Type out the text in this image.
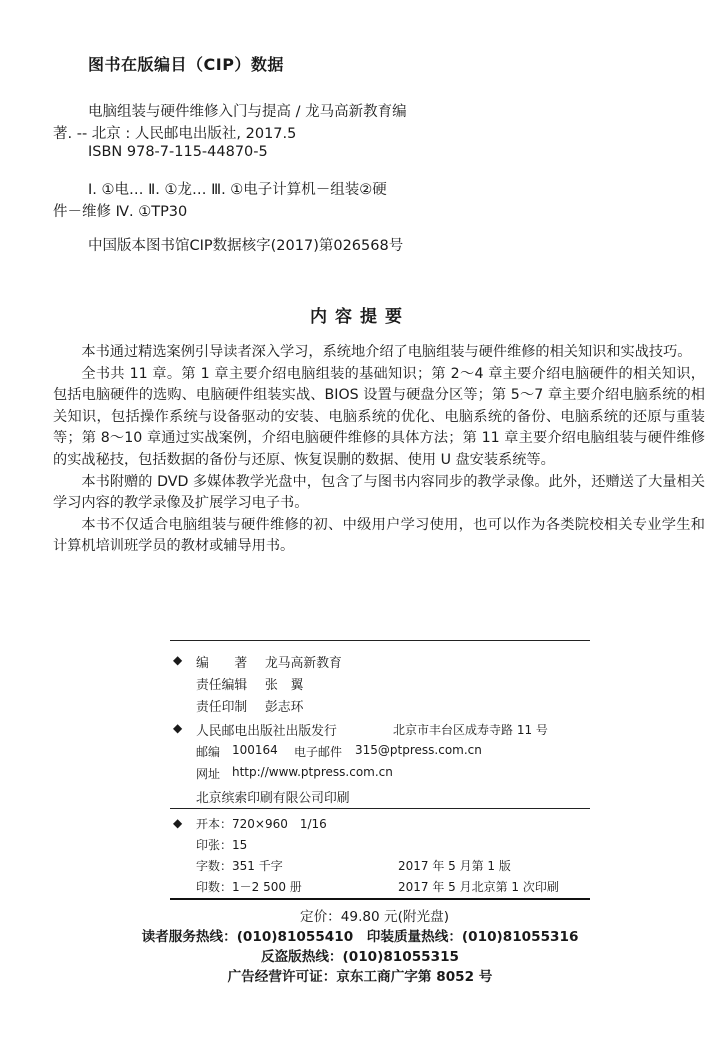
图书在版编目（CIP）数据
电脑组装与硬件维修入门与提高 / 龙马高新教育编
著. -- 北京 : 人民邮电出版社, 2017.5
ISBN 978-7-115-44870-5
Ⅰ. ①电… Ⅱ. ①龙… Ⅲ. ①电子计算机－组装②硬
件－维修 Ⅳ. ①TP30
中国版本图书馆CIP数据核字(2017)第026568号
内容提要

本书通过精选案例引导读者深入学习，系统地介绍了电脑组装与硬件维修的相关知识和实战技巧。

全书共 11 章。第 1 章主要介绍电脑组装的基础知识；第 2～4 章主要介绍电脑硬件的相关知识，包括电脑硬件的选购、电脑硬件组装实战、BIOS 设置与硬盘分区等；第 5～7 章主要介绍电脑系统的相关知识，包括操作系统与设备驱动的安装、电脑系统的优化、电脑系统的备份、电脑系统的还原与重装等；第 8～10 章通过实战案例，介绍电脑硬件维修的具体方法；第 11 章主要介绍电脑组装与硬件维修的实战秘技，包括数据的备份与还原、恢复误删的数据、使用 U 盘安装系统等。

本书附赠的 DVD 多媒体教学光盘中，包含了与图书内容同步的教学录像。此外，还赠送了大量相关学习内容的教学录像及扩展学习电子书。

本书不仅适合电脑组装与硬件维修的初、中级用户学习使用，也可以作为各类院校相关专业学生和计算机培训班学员的教材或辅导用书。

◆ 编　　著 龙马高新教育
责任编辑 张　翼
责任印制 彭志环
◆ 人民邮电出版社出版发行	北京市丰台区成寿寺路 11 号
邮编 100164 电子邮件 315@ptpress.com.cn
网址 http://www.ptpress.com.cn
北京缤索印刷有限公司印刷
◆ 开本：720×960　1/16
印张：15
字数：351 千字	2017 年 5 月第 1 版
印数：1－2 500 册	2017 年 5 月北京第 1 次印刷
定价：49.80 元(附光盘)
读者服务热线：(010)81055410　印装质量热线：(010)81055316
反盗版热线：(010)81055315
广告经营许可证：京东工商广字第 8052 号
